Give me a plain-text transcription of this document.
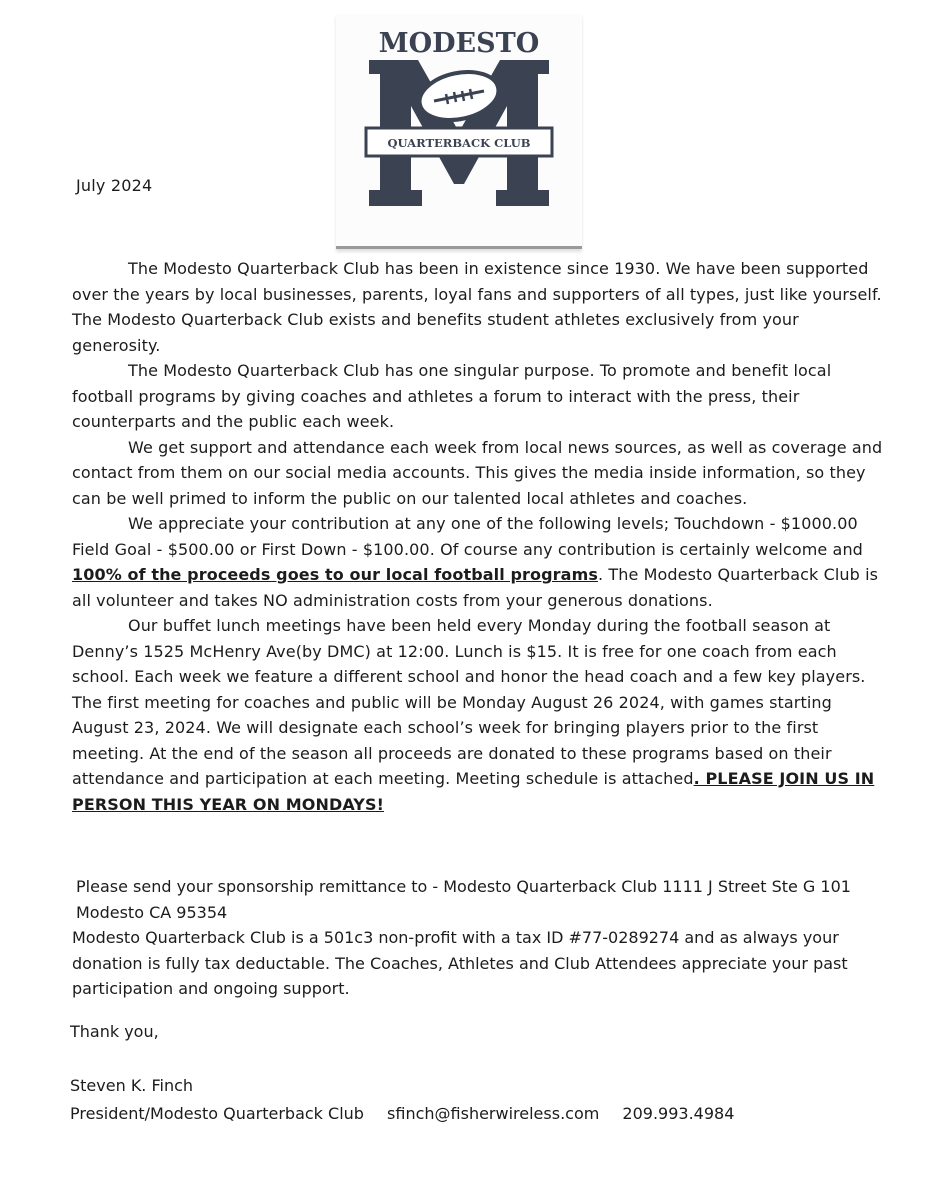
MODESTO
QUARTERBACK CLUB
July 2024

The Modesto Quarterback Club has been in existence since 1930. We have been supported over the years by local businesses, parents, loyal fans and supporters of all types, just like yourself. The Modesto Quarterback Club exists and benefits student athletes exclusively from your generosity.

The Modesto Quarterback Club has one singular purpose. To promote and benefit local football programs by giving coaches and athletes a forum to interact with the press, their counterparts and the public each week.

We get support and attendance each week from local news sources, as well as coverage and contact from them on our social media accounts. This gives the media inside information, so they can be well primed to inform the public on our talented local athletes and coaches.

We appreciate your contribution at any one of the following levels; Touchdown - $1000.00 Field Goal - $500.00 or First Down - $100.00. Of course any contribution is certainly welcome and 100% of the proceeds goes to our local football programs. The Modesto Quarterback Club is all volunteer and takes NO administration costs from your generous donations.

Our buffet lunch meetings have been held every Monday during the football season at Denny’s 1525 McHenry Ave(by DMC) at 12:00. Lunch is $15. It is free for one coach from each school. Each week we feature a different school and honor the head coach and a few key players. The first meeting for coaches and public will be Monday August 26 2024, with games starting August 23, 2024. We will designate each school’s week for bringing players prior to the first meeting. At the end of the season all proceeds are donated to these programs based on their attendance and participation at each meeting. Meeting schedule is attached. PLEASE JOIN US IN PERSON THIS YEAR ON MONDAYS!

Please send your sponsorship remittance to - Modesto Quarterback Club 1111 J Street Ste G 101 Modesto CA 95354

Modesto Quarterback Club is a 501c3 non-profit with a tax ID #77-0289274 and as always your donation is fully tax deductable. The Coaches, Athletes and Club Attendees appreciate your past participation and ongoing support.

Thank you,
Steven K. Finch
President/Modesto Quarterback Club sfinch@fisherwireless.com 209.993.4984
